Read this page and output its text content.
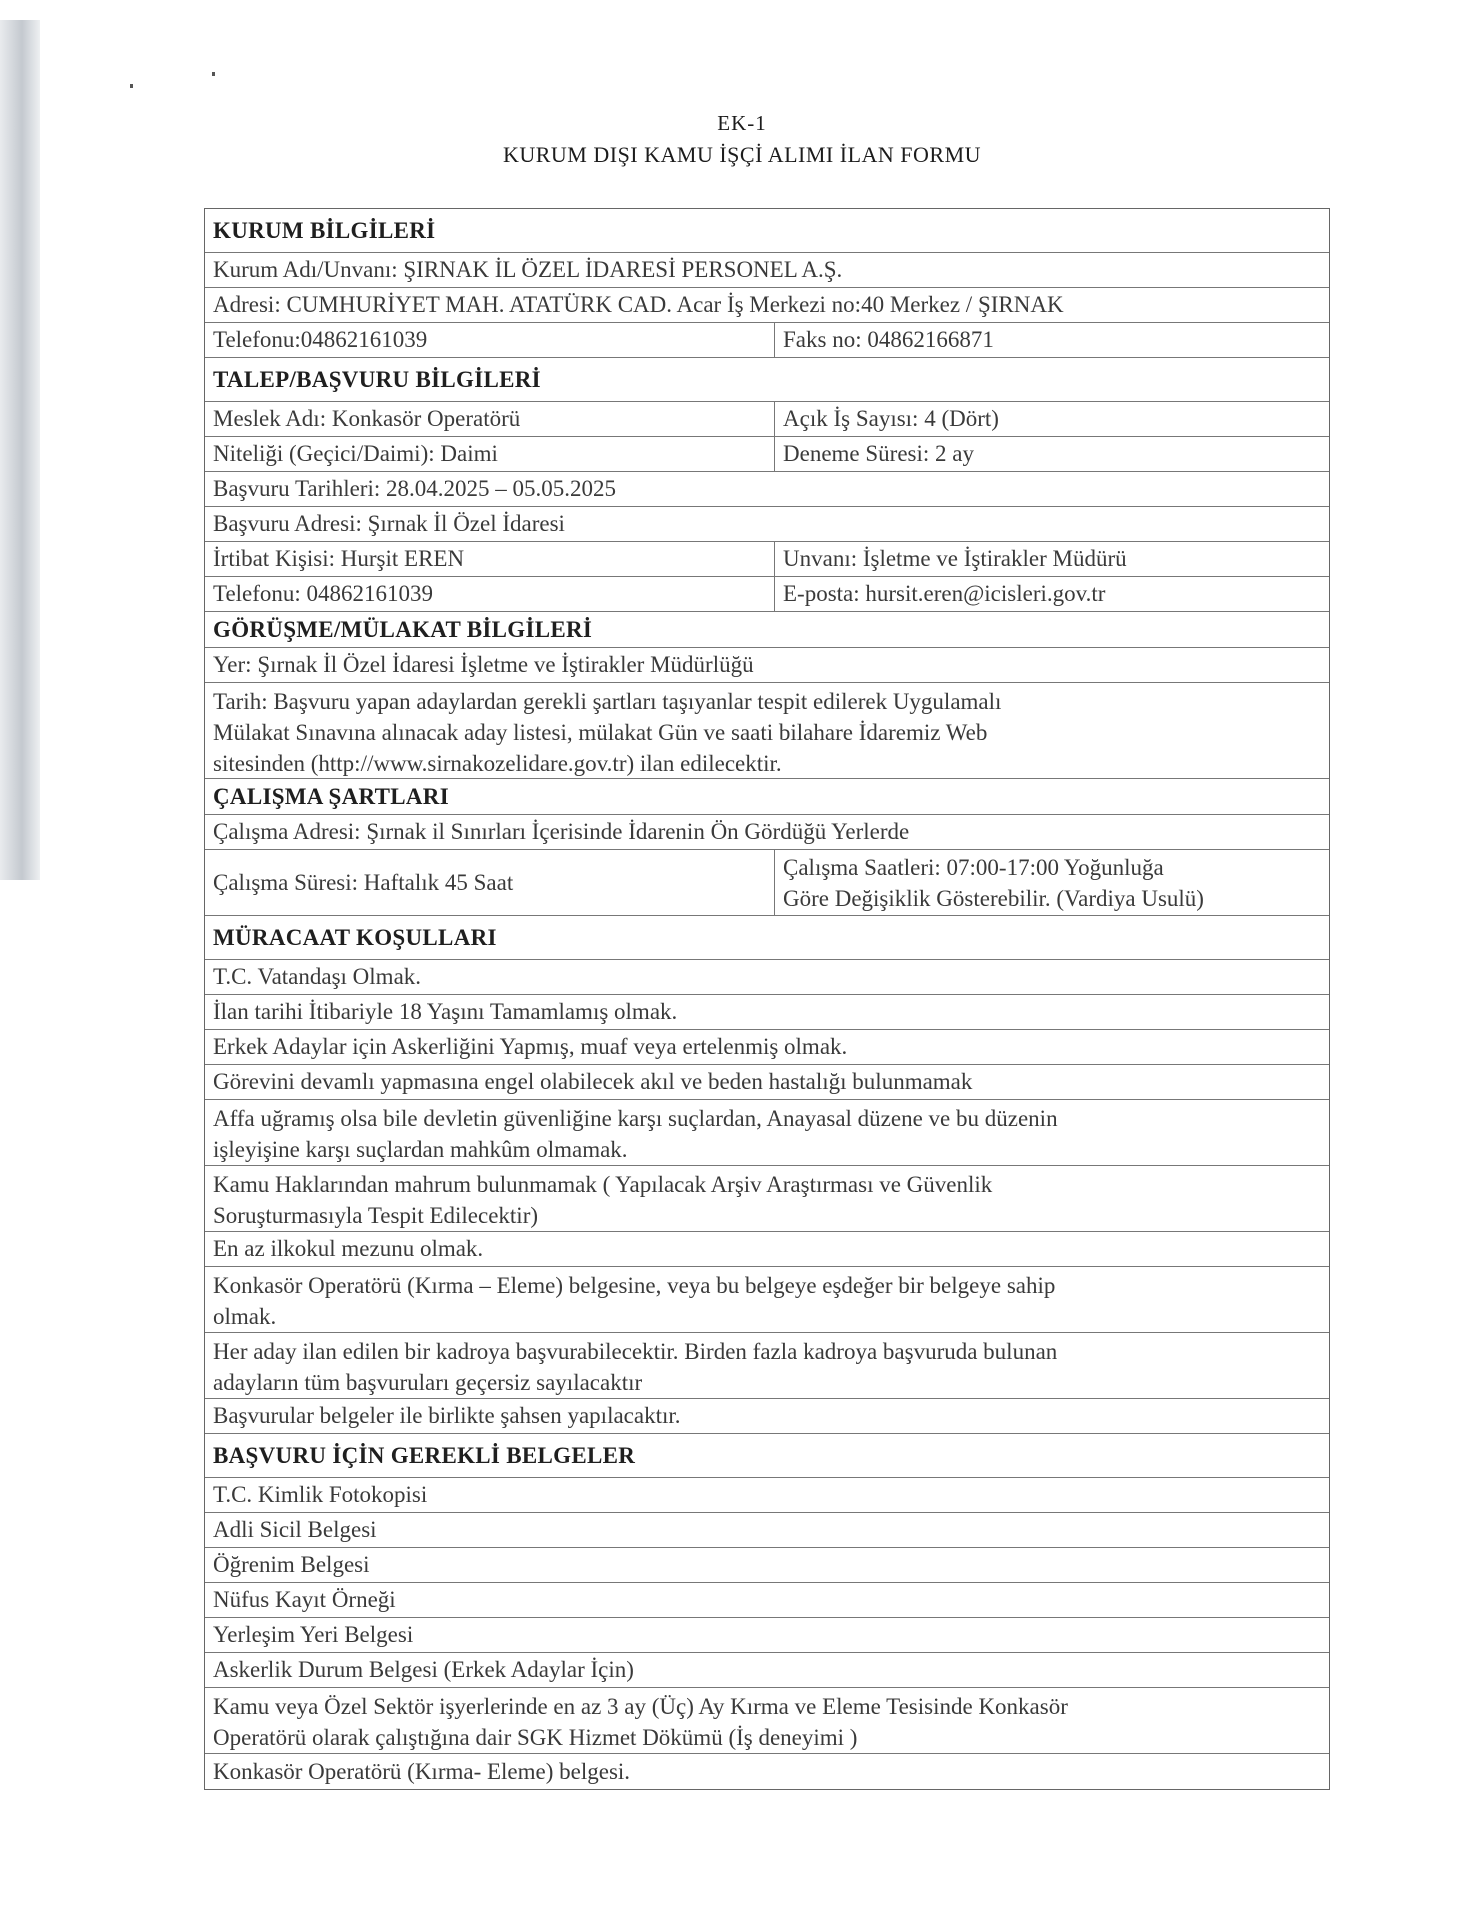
EK-1
KURUM DIŞI KAMU İŞÇİ ALIMI İLAN FORMU
KURUM BİLGİLERİ
Kurum Adı/Unvanı: ŞIRNAK İL ÖZEL İDARESİ PERSONEL A.Ş.
Adresi: CUMHURİYET MAH. ATATÜRK CAD. Acar İş Merkezi no:40 Merkez / ŞIRNAK
Telefonu:04862161039	Faks no: 04862166871
TALEP/BAŞVURU BİLGİLERİ
Meslek Adı: Konkasör Operatörü	Açık İş Sayısı: 4 (Dört)
Niteliği (Geçici/Daimi): Daimi	Deneme Süresi: 2 ay
Başvuru Tarihleri: 28.04.2025 – 05.05.2025
Başvuru Adresi: Şırnak İl Özel İdaresi
İrtibat Kişisi: Hurşit EREN	Unvanı: İşletme ve İştirakler Müdürü
Telefonu: 04862161039	E-posta: hursit.eren@icisleri.gov.tr
GÖRÜŞME/MÜLAKAT BİLGİLERİ
Yer: Şırnak İl Özel İdaresi İşletme ve İştirakler Müdürlüğü
Tarih: Başvuru yapan adaylardan gerekli şartları taşıyanlar tespit edilerek Uygulamalı
Mülakat Sınavına alınacak aday listesi, mülakat Gün ve saati bilahare İdaremiz Web
sitesinden (http://www.sirnakozelidare.gov.tr) ilan edilecektir.
ÇALIŞMA ŞARTLARI
Çalışma Adresi: Şırnak il Sınırları İçerisinde İdarenin Ön Gördüğü Yerlerde
Çalışma Süresi: Haftalık 45 Saat
Çalışma Saatleri: 07:00-17:00 Yoğunluğa
Göre Değişiklik Gösterebilir. (Vardiya Usulü)
MÜRACAAT KOŞULLARI
T.C. Vatandaşı Olmak.
İlan tarihi İtibariyle 18 Yaşını Tamamlamış olmak.
Erkek Adaylar için Askerliğini Yapmış, muaf veya ertelenmiş olmak.
Görevini devamlı yapmasına engel olabilecek akıl ve beden hastalığı bulunmamak
Affa uğramış olsa bile devletin güvenliğine karşı suçlardan, Anayasal düzene ve bu düzenin
işleyişine karşı suçlardan mahkûm olmamak.
Kamu Haklarından mahrum bulunmamak ( Yapılacak Arşiv Araştırması ve Güvenlik
Soruşturmasıyla Tespit Edilecektir)
En az ilkokul mezunu olmak.
Konkasör Operatörü (Kırma – Eleme) belgesine, veya bu belgeye eşdeğer bir belgeye sahip
olmak.
Her aday ilan edilen bir kadroya başvurabilecektir. Birden fazla kadroya başvuruda bulunan
adayların tüm başvuruları geçersiz sayılacaktır
Başvurular belgeler ile birlikte şahsen yapılacaktır.
BAŞVURU İÇİN GEREKLİ BELGELER
T.C. Kimlik Fotokopisi
Adli Sicil Belgesi
Öğrenim Belgesi
Nüfus Kayıt Örneği
Yerleşim Yeri Belgesi
Askerlik Durum Belgesi (Erkek Adaylar İçin)
Kamu veya Özel Sektör işyerlerinde en az 3 ay (Üç) Ay Kırma ve Eleme Tesisinde Konkasör
Operatörü olarak çalıştığına dair SGK Hizmet Dökümü (İş deneyimi )
Konkasör Operatörü (Kırma- Eleme) belgesi.
